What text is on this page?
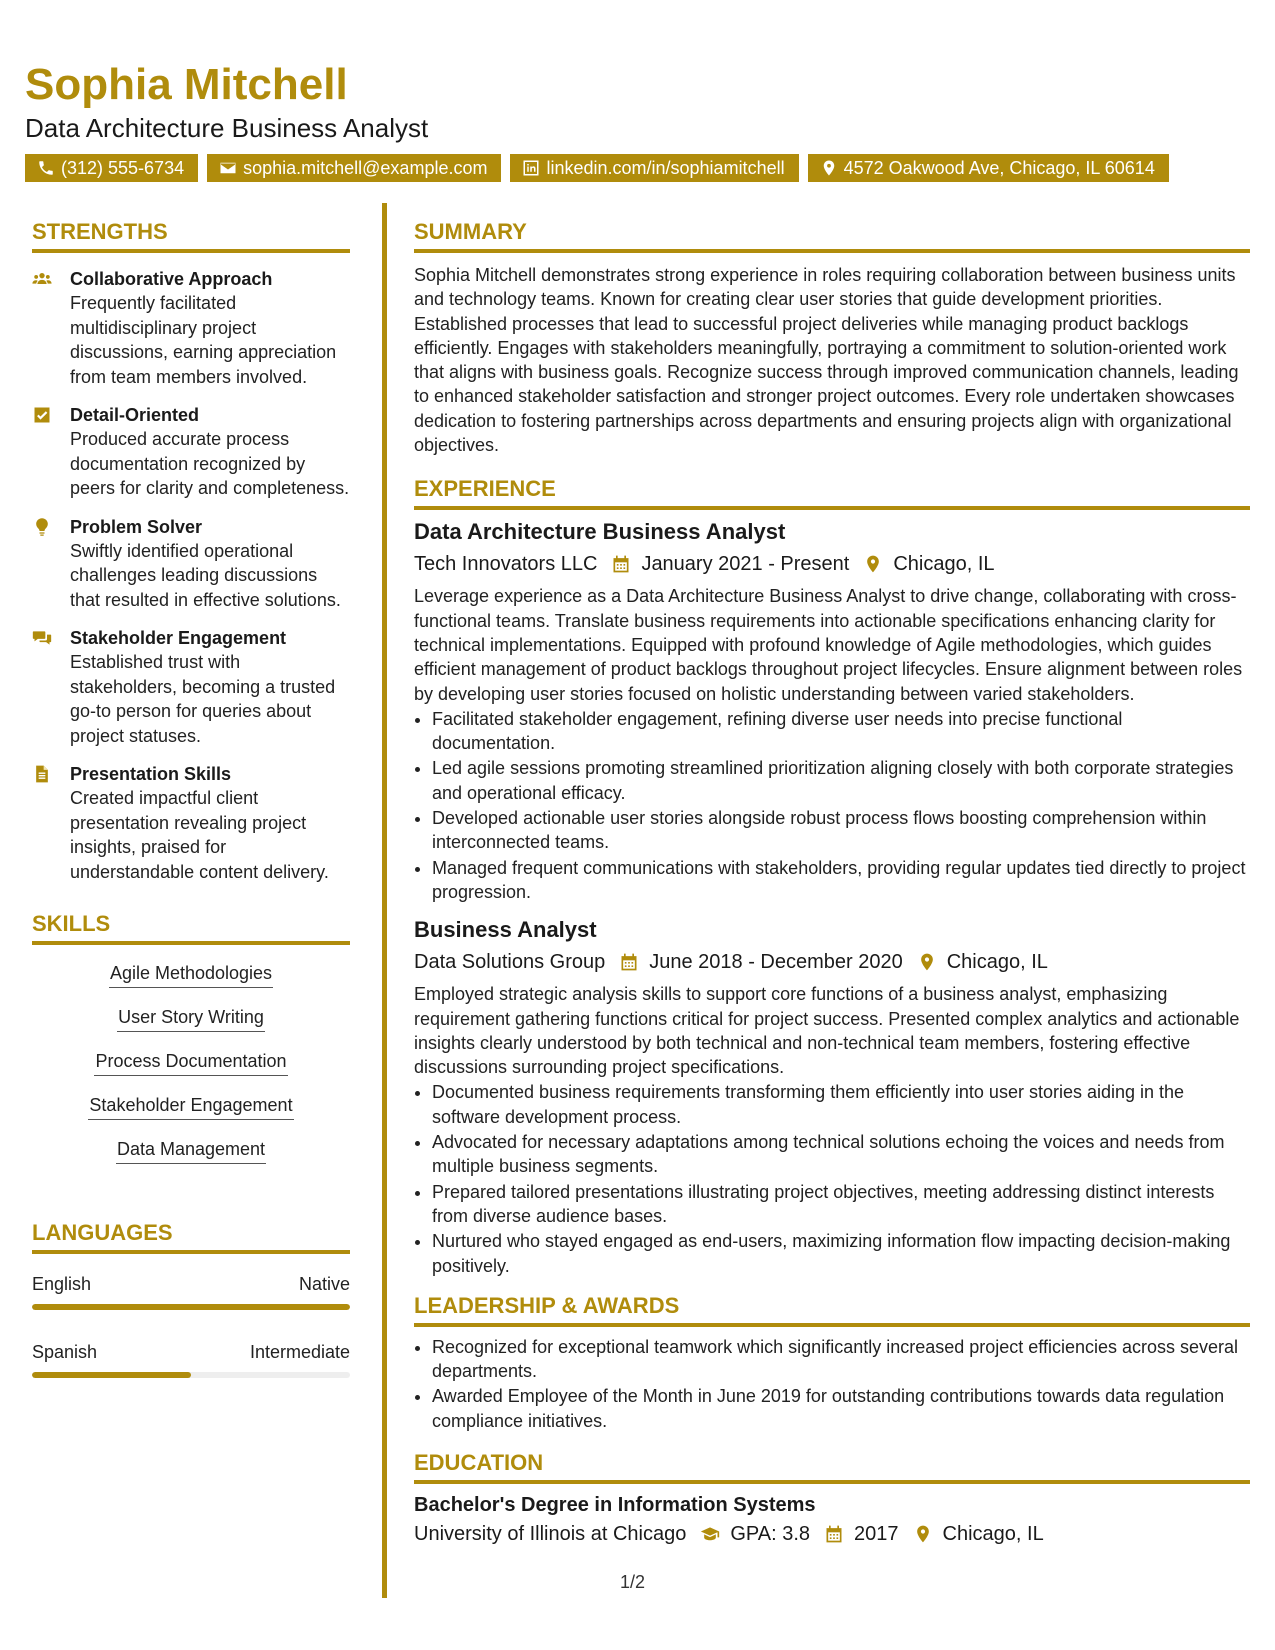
Sophia Mitchell
Data Architecture Business Analyst
(312) 555-6734	sophia.mitchell@example.com	linkedin.com/in/sophiamitchell	4572 Oakwood Ave, Chicago, IL 60614
STRENGTHS
Collaborative Approach
Frequently facilitated multidisciplinary project discussions, earning appreciation from team members involved.
Detail-Oriented
Produced accurate process documentation recognized by peers for clarity and completeness.
Problem Solver
Swiftly identified operational challenges leading discussions that resulted in effective solutions.
Stakeholder Engagement
Established trust with stakeholders, becoming a trusted go-to person for queries about project statuses.
Presentation Skills
Created impactful client presentation revealing project insights, praised for understandable content delivery.
SKILLS
Agile Methodologies
User Story Writing
Process Documentation
Stakeholder Engagement
Data Management
LANGUAGES
English	Native
Spanish	Intermediate
SUMMARY
Sophia Mitchell demonstrates strong experience in roles requiring collaboration between business units and technology teams. Known for creating clear user stories that guide development priorities. Established processes that lead to successful project deliveries while managing product backlogs efficiently. Engages with stakeholders meaningfully, portraying a commitment to solution-oriented work that aligns with business goals. Recognize success through improved communication channels, leading to enhanced stakeholder satisfaction and stronger project outcomes. Every role undertaken showcases dedication to fostering partnerships across departments and ensuring projects align with organizational objectives.
EXPERIENCE
Data Architecture Business Analyst
Tech Innovators LLC January 2021 - Present Chicago, IL
Leverage experience as a Data Architecture Business Analyst to drive change, collaborating with cross-functional teams. Translate business requirements into actionable specifications enhancing clarity for technical implementations. Equipped with profound knowledge of Agile methodologies, which guides efficient management of product backlogs throughout project lifecycles. Ensure alignment between roles by developing user stories focused on holistic understanding between varied stakeholders.
• Facilitated stakeholder engagement, refining diverse user needs into precise functional documentation.
• Led agile sessions promoting streamlined prioritization aligning closely with both corporate strategies and operational efficacy.
• Developed actionable user stories alongside robust process flows boosting comprehension within interconnected teams.
• Managed frequent communications with stakeholders, providing regular updates tied directly to project progression.
Business Analyst
Data Solutions Group June 2018 - December 2020 Chicago, IL
Employed strategic analysis skills to support core functions of a business analyst, emphasizing requirement gathering functions critical for project success. Presented complex analytics and actionable insights clearly understood by both technical and non-technical team members, fostering effective discussions surrounding project specifications.
• Documented business requirements transforming them efficiently into user stories aiding in the software development process.
• Advocated for necessary adaptations among technical solutions echoing the voices and needs from multiple business segments.
• Prepared tailored presentations illustrating project objectives, meeting addressing distinct interests from diverse audience bases.
• Nurtured who stayed engaged as end-users, maximizing information flow impacting decision-making positively.
LEADERSHIP & AWARDS
• Recognized for exceptional teamwork which significantly increased project efficiencies across several departments.
• Awarded Employee of the Month in June 2019 for outstanding contributions towards data regulation compliance initiatives.
EDUCATION
Bachelor's Degree in Information Systems
University of Illinois at Chicago GPA: 3.8 2017 Chicago, IL
1/2
